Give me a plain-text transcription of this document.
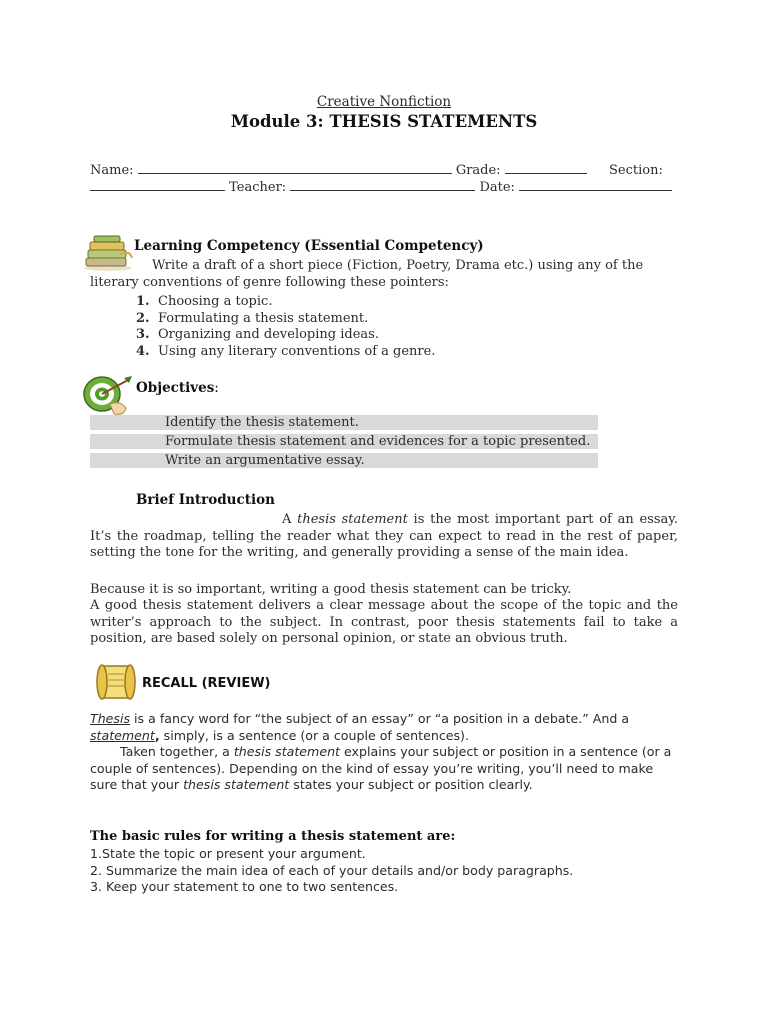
Creative Nonfiction
Module 3: THESIS STATEMENTS
Name:	Grade:	Section:
Teacher:	Date:
Learning Competency (Essential Competency)
Write a draft of a short piece (Fiction, Poetry, Drama etc.) using any of the
literary conventions of genre following these pointers:
1. Choosing a topic.
2. Formulating a thesis statement.
3. Organizing and developing ideas.
4. Using any literary conventions of a genre.
Objectives:
Identify the thesis statement.
Formulate thesis statement and evidences for a topic presented.
Write an argumentative essay.
Brief Introduction
A thesis statement is the most important part of an essay. It’s the roadmap, telling the reader what they can expect to read in the rest of paper, setting the tone for the writing, and generally providing a sense of the main idea.
Because it is so important, writing a good thesis statement can be tricky.
A good thesis statement delivers a clear message about the scope of the topic and the writer’s approach to the subject. In contrast, poor thesis statements fail to take a position, are based solely on personal opinion, or state an obvious truth.
RECALL (REVIEW)
Thesis is a fancy word for “the subject of an essay” or “a position in a debate.” And a statement, simply, is a sentence (or a couple of sentences).
Taken together, a thesis statement explains your subject or position in a sentence (or a couple of sentences). Depending on the kind of essay you’re writing, you’ll need to make sure that your thesis statement states your subject or position clearly.
The basic rules for writing a thesis statement are:
1.State the topic or present your argument.
2. Summarize the main idea of each of your details and/or body paragraphs.
3. Keep your statement to one to two sentences.
